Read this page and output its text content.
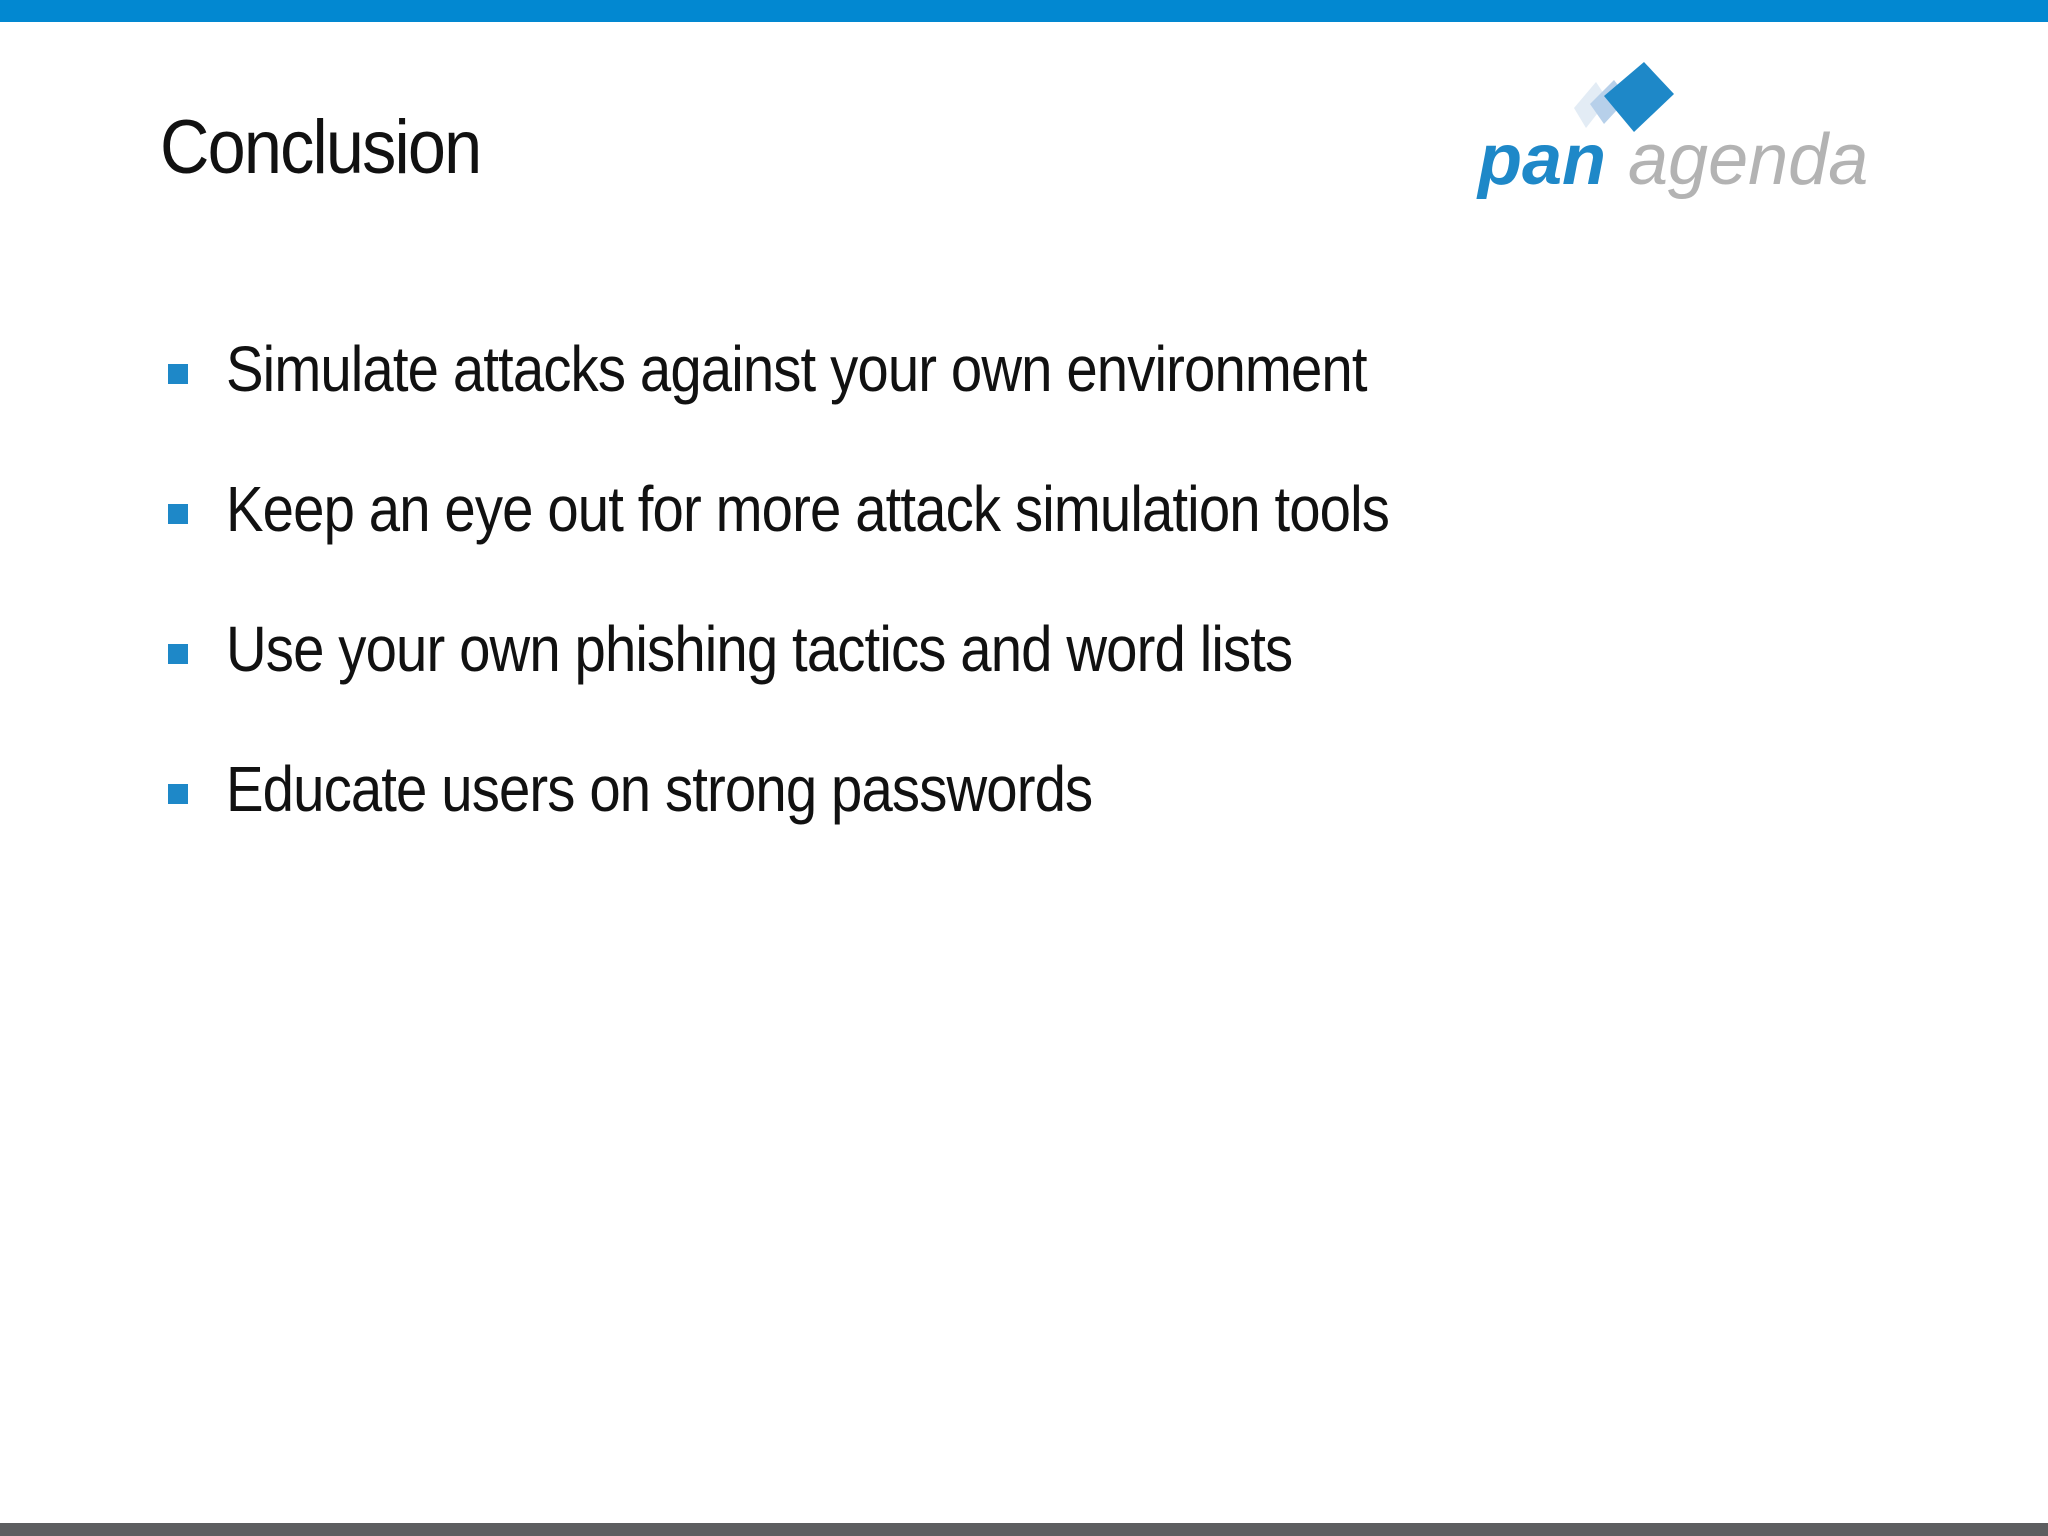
Conclusion	pan agenda
Simulate attacks against your own environment
Keep an eye out for more attack simulation tools
Use your own phishing tactics and word lists
Educate users on strong passwords
